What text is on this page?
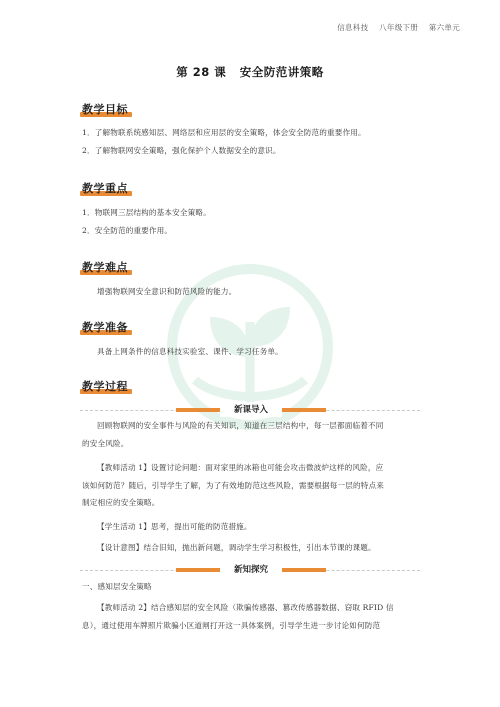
信息科技 八年级下册 第六单元
第 28 课 安全防范讲策略
教学目标
1．了解物联系统感知层、网络层和应用层的安全策略，体会安全防范的重要作用。
2．了解物联网安全策略，强化保护个人数据安全的意识。
教学重点
1．物联网三层结构的基本安全策略。
2．安全防范的重要作用。
教学难点
增强物联网安全意识和防范风险的能力。
教学准备
具备上网条件的信息科技实验室、课件、学习任务单。
教学过程
新课导入
回顾物联网的安全事件与风险的有关知识，知道在三层结构中，每一层都面临着不同
的安全风险。
【教师活动 1】设置讨论问题：面对家里的冰箱也可能会攻击微波炉这样的风险，应
该如何防范？随后，引导学生了解，为了有效地防范这些风险，需要根据每一层的特点来
制定相应的安全策略。
【学生活动 1】思考，提出可能的防范措施。
【设计意图】结合旧知，抛出新问题，调动学生学习积极性，引出本节课的课题。
新知探究
一、感知层安全策略
【教师活动 2】结合感知层的安全风险（欺骗传感器、篡改传感器数据、窃取 RFID 信
息），通过使用车牌照片欺骗小区道闸打开这一具体案例，引导学生进一步讨论如何防范
